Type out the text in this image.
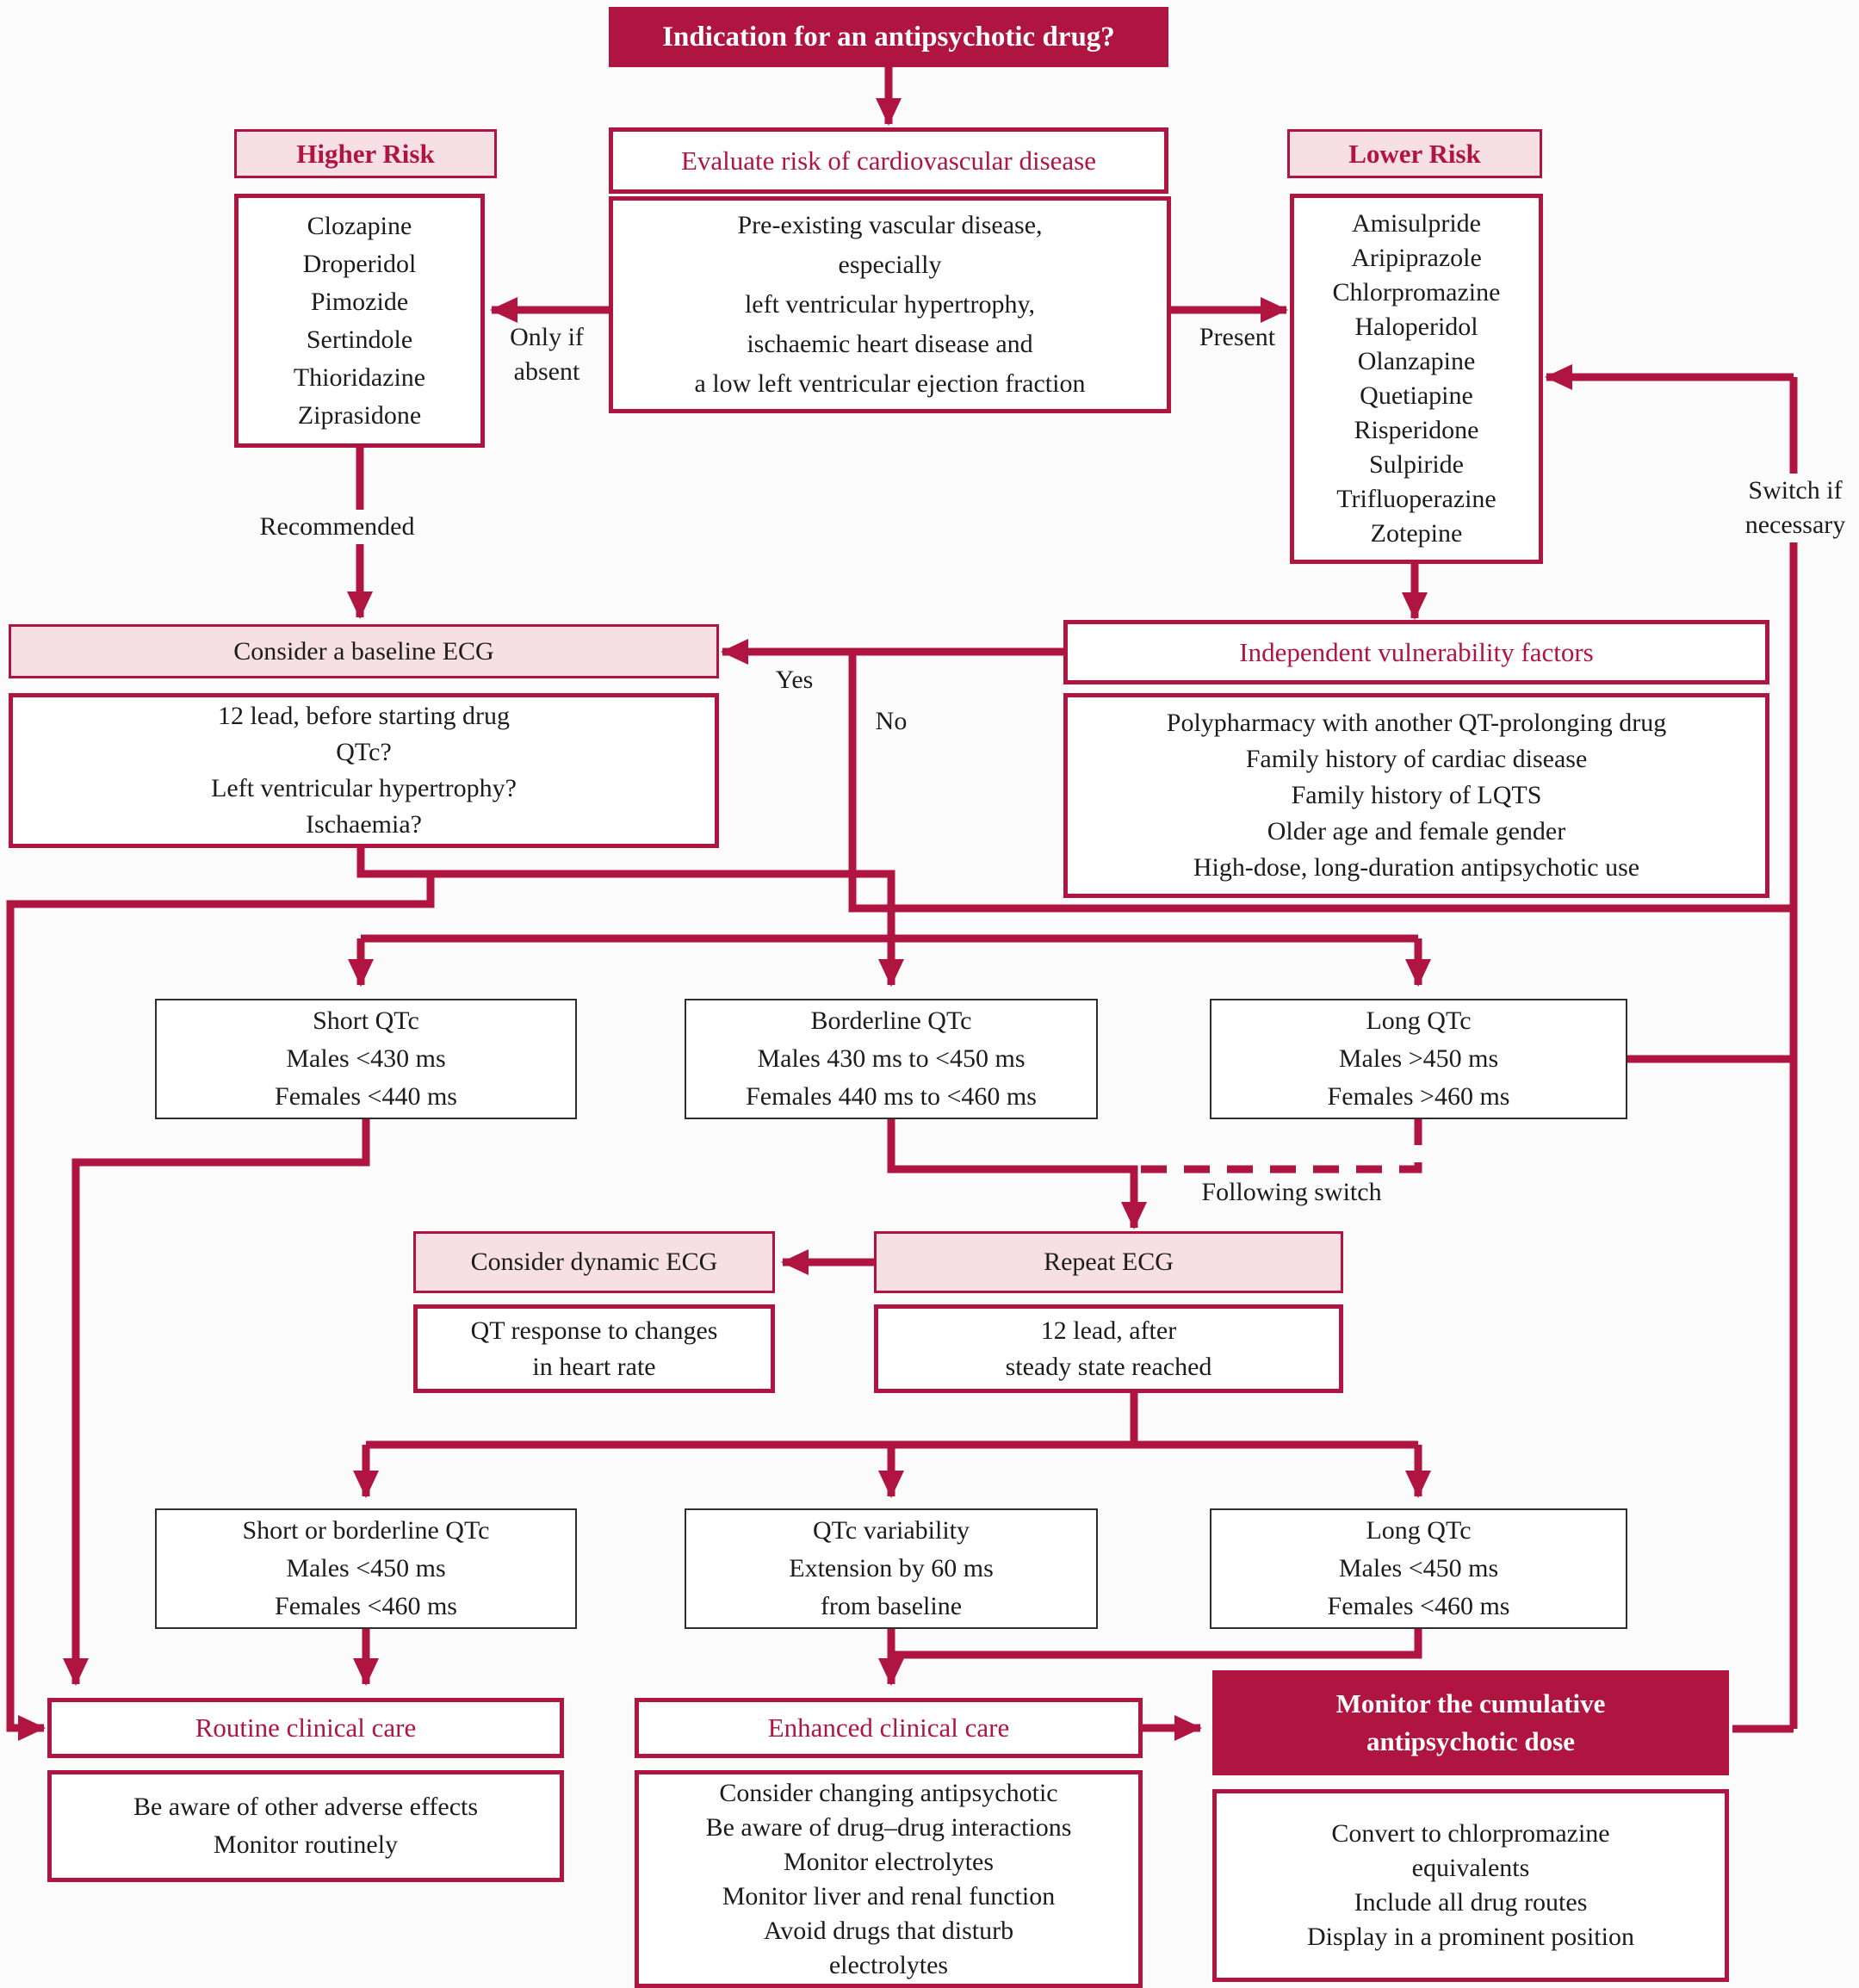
Indication for an antipsychotic drug?
Higher Risk	Evaluate risk of cardiovascular disease	Lower Risk
Clozapine
Droperidol
Pimozide
Sertindole
Thioridazine
Ziprasidone
Pre-existing vascular disease,
especially
left ventricular hypertrophy,
ischaemic heart disease and
a low left ventricular ejection fraction
Amisulpride
Aripiprazole
Chlorpromazine
Haloperidol
Olanzapine
Quetiapine
Risperidone
Sulpiride
Trifluoperazine
Zotepine
Consider a baseline ECG
12 lead, before starting drug
QTc?
Left ventricular hypertrophy?
Ischaemia?
Independent vulnerability factors
Polypharmacy with another QT-prolonging drug
Family history of cardiac disease
Family history of LQTS
Older age and female gender
High-dose, long-duration antipsychotic use
Short QTc
Males <430 ms
Females <440 ms
Borderline QTc
Males 430 ms to <450 ms
Females 440 ms to <460 ms
Long QTc
Males >450 ms
Females >460 ms
Consider dynamic ECG	Repeat ECG
QT response to changes
in heart rate
12 lead, after
steady state reached
Short or borderline QTc
Males <450 ms
Females <460 ms
QTc variability
Extension by 60 ms
from baseline
Long QTc
Males <450 ms
Females <460 ms
Routine clinical care
Be aware of other adverse effects
Monitor routinely
Enhanced clinical care
Consider changing antipsychotic
Be aware of drug–drug interactions
Monitor electrolytes
Monitor liver and renal function
Avoid drugs that disturb
electrolytes
Monitor the cumulative
antipsychotic dose
Convert to chlorpromazine
equivalents
Include all drug routes
Display in a prominent position
Only if
absent
Present
Recommended
Yes
No
Switch if
necessary
Following switch
